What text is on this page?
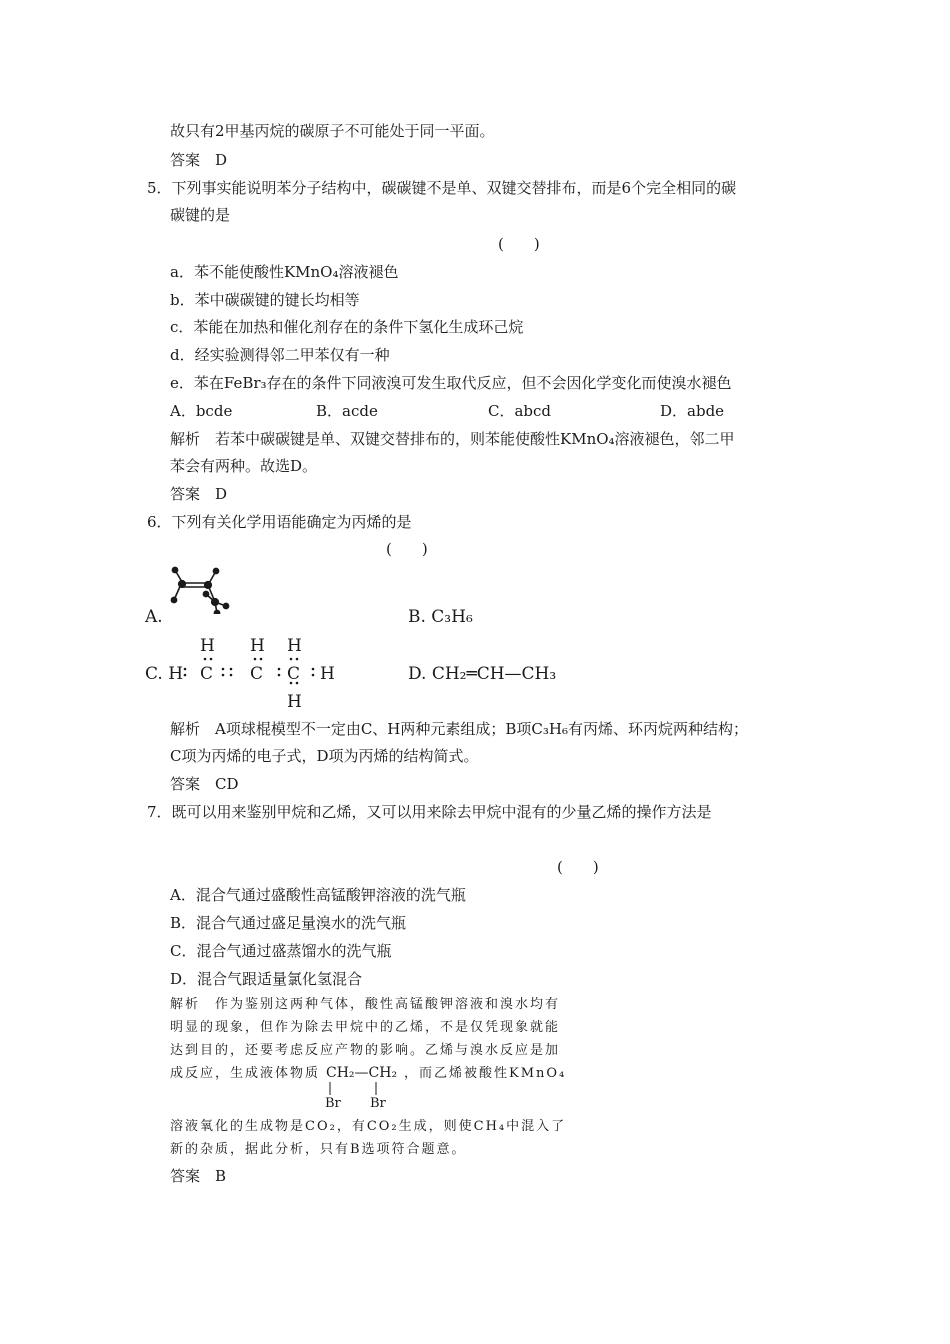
故只有2甲基丙烷的碳原子不可能处于同一平面。
答案　D
5．下列事实能说明苯分子结构中，碳碳键不是单、双键交替排布，而是6个完全相同的碳
碳键的是
(　　)
a．苯不能使酸性KMnO₄溶液褪色
b．苯中碳碳键的键长均相等
c．苯能在加热和催化剂存在的条件下氢化生成环己烷
d．经实验测得邻二甲苯仅有一种
e．苯在FeBr₃存在的条件下同液溴可发生取代反应，但不会因化学变化而使溴水褪色
A．bcde	B．acde	C．abcd	D．abde
解析　若苯中碳碳键是单、双键交替排布的，则苯能使酸性KMnO₄溶液褪色，邻二甲
苯会有两种。故选D。
答案　D
6．下列有关化学用语能确定为丙烯的是
(　　)
A.	B. C₃H₆
C. H
H H H
C C C H
H
D. CH₂═CH—CH₃
解析　A项球棍模型不一定由C、H两种元素组成；B项C₃H₆有丙烯、环丙烷两种结构；
C项为丙烯的电子式，D项为丙烯的结构简式。
答案　CD
7．既可以用来鉴别甲烷和乙烯，又可以用来除去甲烷中混有的少量乙烯的操作方法是
(　　)
A．混合气通过盛酸性高锰酸钾溶液的洗气瓶
B．混合气通过盛足量溴水的洗气瓶
C．混合气通过盛蒸馏水的洗气瓶
D．混合气跟适量氯化氢混合
解析　作为鉴别这两种气体，酸性高锰酸钾溶液和溴水均有
明显的现象，但作为除去甲烷中的乙烯，不是仅凭现象就能
达到目的，还要考虑反应产物的影响。乙烯与溴水反应是加
成反应，生成液体物质 CH₂—CH₂
Br Br
，而乙烯被酸性KMnO₄
溶液氧化的生成物是CO₂，有CO₂生成，则使CH₄中混入了
新的杂质，据此分析，只有B选项符合题意。
答案　B
